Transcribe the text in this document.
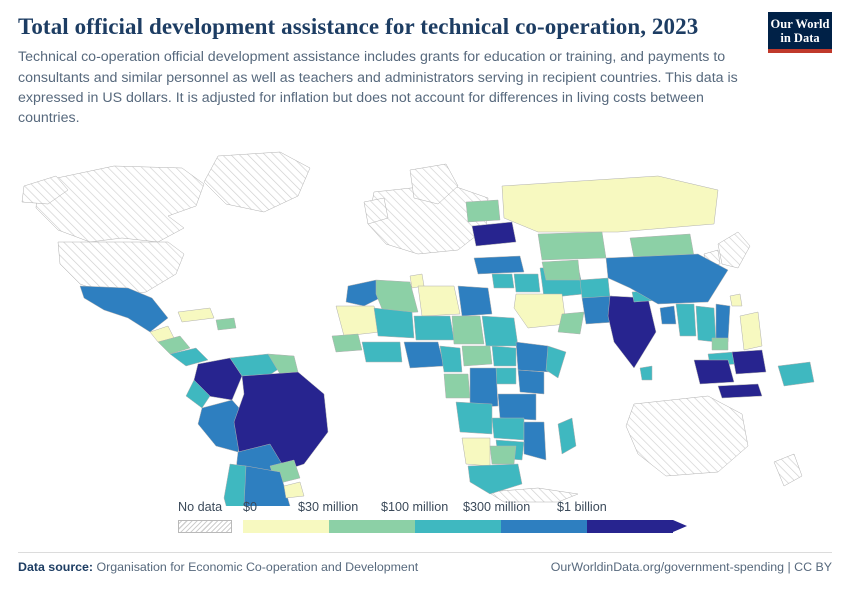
Total official development assistance for technical co-operation, 2023

Technical co-operation official development assistance includes grants for education or training, and payments to consultants and similar personnel as well as teachers and administrators serving in recipient countries. This data is expressed in US dollars. It is adjusted for inflation but does not account for differences in living costs between countries.

Our World
in Data
No data $0	$30 million $100 million $300 million $1 billion
Data source: Organisation for Economic Co-operation and Development	OurWorldinData.org/government-spending | CC BY
